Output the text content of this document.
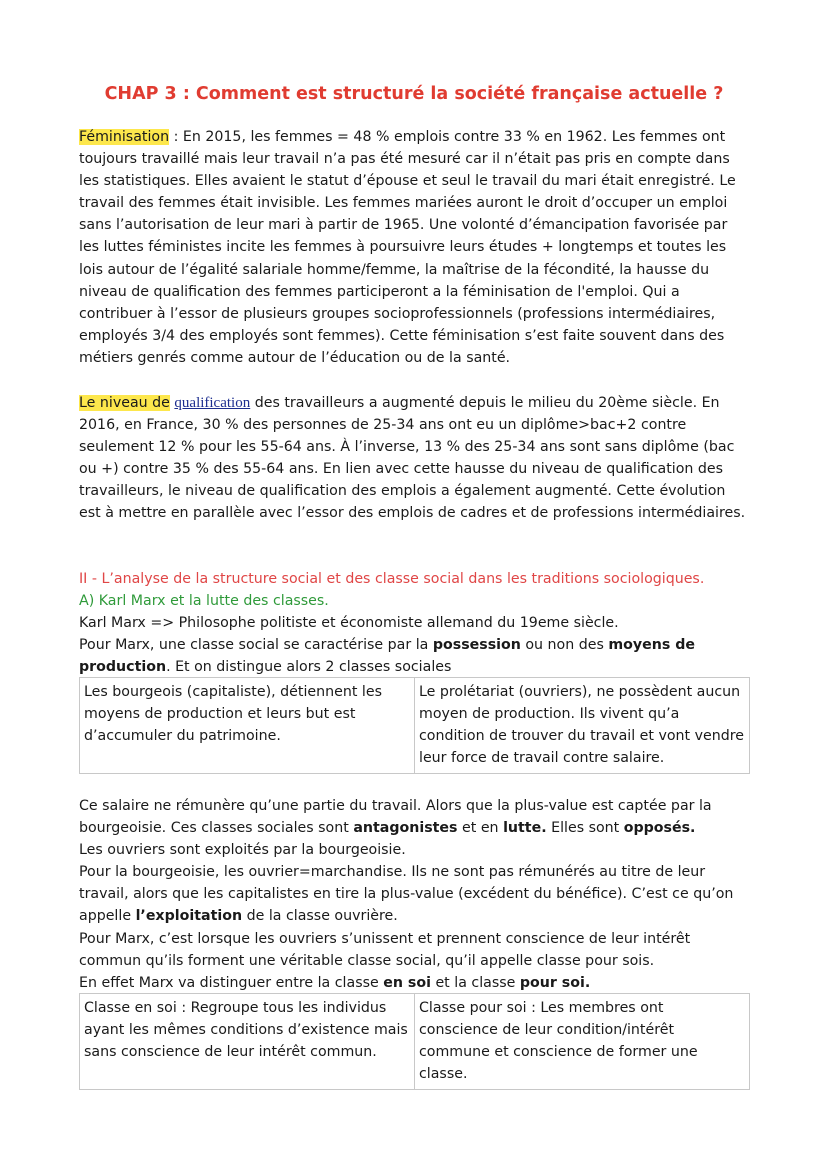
CHAP 3 : Comment est structuré la société française actuelle ?
Féminisation : En 2015, les femmes = 48 % emplois contre 33 % en 1962. Les femmes ont toujours travaillé mais leur travail n’a pas été mesuré car il n’était pas pris en compte dans les statistiques. Elles avaient le statut d’épouse et seul le travail du mari était enregistré. Le travail des femmes était invisible. Les femmes mariées auront le droit d’occuper un emploi sans l’autorisation de leur mari à partir de 1965. Une volonté d’émancipation favorisée par les luttes féministes incite les femmes à poursuivre leurs études + longtemps et toutes les lois autour de l’égalité salariale homme/femme, la maîtrise de la fécondité, la hausse du niveau de qualification des femmes participeront a la féminisation de l'emploi. Qui a contribuer à l’essor de plusieurs groupes socioprofessionnels (professions intermédiaires, employés 3/4 des employés sont femmes). Cette féminisation s’est faite souvent dans des métiers genrés comme autour de l’éducation ou de la santé.
Le niveau de qualification des travailleurs a augmenté depuis le milieu du 20ème siècle. En 2016, en France, 30 % des personnes de 25-34 ans ont eu un diplôme>bac+2 contre seulement 12 % pour les 55-64 ans. À l’inverse, 13 % des 25-34 ans sont sans diplôme (bac ou +) contre 35 % des 55-64 ans. En lien avec cette hausse du niveau de qualification des travailleurs, le niveau de qualification des emplois a également augmenté. Cette évolution est à mettre en parallèle avec l’essor des emplois de cadres et de professions intermédiaires.
II - L’analyse de la structure social et des classe social dans les traditions sociologiques.
A) Karl Marx et la lutte des classes.
Karl Marx => Philosophe politiste et économiste allemand du 19eme siècle.
Pour Marx, une classe social se caractérise par la possession ou non des moyens de production. Et on distingue alors 2 classes sociales
Les bourgeois (capitaliste), détiennent les moyens de production et leurs but est d’accumuler du patrimoine.	Le prolétariat (ouvriers), ne possèdent aucun moyen de production. Ils vivent qu’a condition de trouver du travail et vont vendre leur force de travail contre salaire.
Ce salaire ne rémunère qu’une partie du travail. Alors que la plus-value est captée par la bourgeoisie. Ces classes sociales sont antagonistes et en lutte. Elles sont opposés.
Les ouvriers sont exploités par la bourgeoisie.
Pour la bourgeoisie, les ouvrier=marchandise. Ils ne sont pas rémunérés au titre de leur travail, alors que les capitalistes en tire la plus-value (excédent du bénéfice). C’est ce qu’on appelle l’exploitation de la classe ouvrière.
Pour Marx, c’est lorsque les ouvriers s’unissent et prennent conscience de leur intérêt commun qu’ils forment une véritable classe social, qu’il appelle classe pour sois.
En effet Marx va distinguer entre la classe en soi et la classe pour soi.
Classe en soi : Regroupe tous les individus ayant les mêmes conditions d’existence mais sans conscience de leur intérêt commun.	Classe pour soi : Les membres ont conscience de leur condition/intérêt commune et conscience de former une classe.
